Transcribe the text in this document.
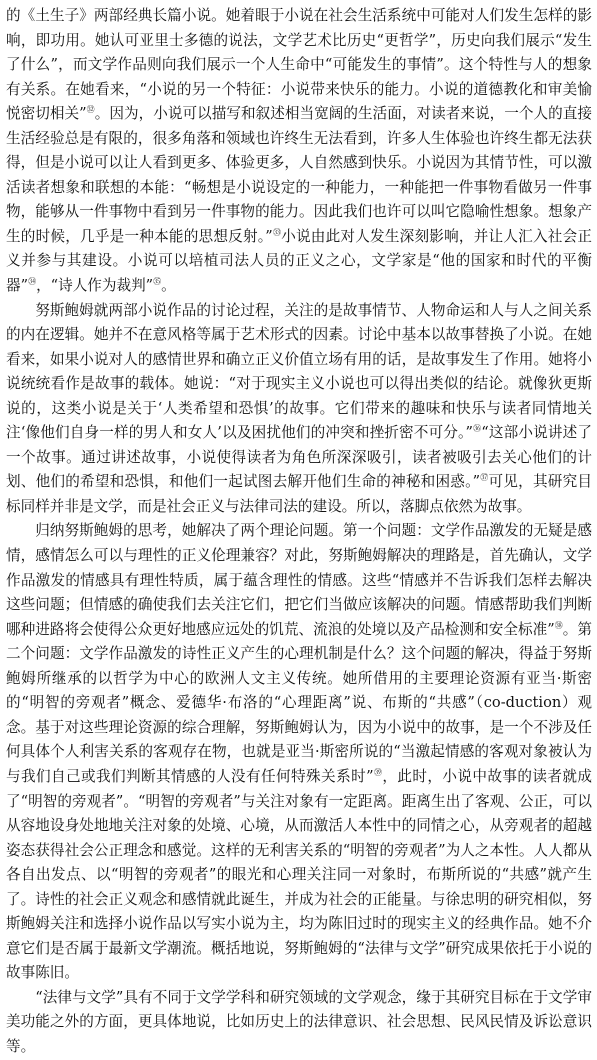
的《土生子》两部经典长篇小说。她着眼于小说在社会生活系统中可能对人们发生怎样的影响，即功用。她认可亚里士多德的说法，文学艺术比历史“更哲学”，历史向我们展示“发生了什么”，而文学作品则向我们展示一个人生命中“可能发生的事情”。这个特性与人的想象有关系。在她看来，“小说的另一个特征：小说带来快乐的能力。小说的道德教化和审美愉悦密切相关”$^㉜$。因为，小说可以描写和叙述相当宽阔的生活面，对读者来说，一个人的直接生活经验总是有限的，很多角落和领域也许终生无法看到，许多人生体验也许终生都无法获得，但是小说可以让人看到更多、体验更多，人自然感到快乐。小说因为其情节性，可以激活读者想象和联想的本能：“畅想是小说设定的一种能力，一种能把一件事物看做另一件事物，能够从一件事物中看到另一件事物的能力。因此我们也许可以叫它隐喻性想象。想象产生的时候，几乎是一种本能的思想反射。”$^㉝$小说由此对人发生深刻影响，并让人汇入社会正义并参与其建设。小说可以培植司法人员的正义之心，文学家是“他的国家和时代的平衡器”$^㉞$，“诗人作为裁判”$^㉟$。

努斯鲍姆就两部小说作品的讨论过程，关注的是故事情节、人物命运和人与人之间关系的内在逻辑。她并不在意风格等属于艺术形式的因素。讨论中基本以故事替换了小说。在她看来，如果小说对人的感情世界和确立正义价值立场有用的话，是故事发生了作用。她将小说统统看作是故事的载体。她说：“对于现实主义小说也可以得出类似的结论。就像狄更斯说的，这类小说是关于‘人类希望和恐惧’的故事。它们带来的趣味和快乐与读者同情地关注‘像他们自身一样的男人和女人’以及困扰他们的冲突和挫折密不可分。”$^㊱$“这部小说讲述了一个故事。通过讲述故事，小说使得读者为角色所深深吸引，读者被吸引去关心他们的计划、他们的希望和恐惧，和他们一起试图去解开他们生命的神秘和困惑。”$^㊲$可见，其研究目标同样并非是文学，而是社会正义与法律司法的建设。所以，落脚点依然为故事。

归纳努斯鲍姆的思考，她解决了两个理论问题。第一个问题：文学作品激发的无疑是感情，感情怎么可以与理性的正义伦理兼容？对此，努斯鲍姆解决的理路是，首先确认，文学作品激发的情感具有理性特质，属于蕴含理性的情感。这些“情感并不告诉我们怎样去解决这些问题；但情感的确使我们去关注它们，把它们当做应该解决的问题。情感帮助我们判断哪种进路将会使得公众更好地感应远处的饥荒、流浪的处境以及产品检测和安全标准”$^㊳$。第二个问题：文学作品激发的诗性正义产生的心理机制是什么？这个问题的解决，得益于努斯鲍姆所继承的以哲学为中心的欧洲人文主义传统。她所借用的主要理论资源有亚当·斯密的“明智的旁观者”概念、爱德华·布洛的“心理距离”说、布斯的“共感”（co-duction）观念。基于对这些理论资源的综合理解，努斯鲍姆认为，因为小说中的故事，是一个不涉及任何具体个人利害关系的客观存在物，也就是亚当·斯密所说的“当激起情感的客观对象被认为与我们自己或我们判断其情感的人没有任何特殊关系时”$^㊴$，此时，小说中故事的读者就成了“明智的旁观者”。“明智的旁观者”与关注对象有一定距离。距离生出了客观、公正，可以从容地设身处地地关注对象的处境、心境，从而激活人本性中的同情之心，从旁观者的超越姿态获得社会公正理念和感觉。这样的无利害关系的“明智的旁观者”为人之本性。人人都从各自出发点、以“明智的旁观者”的眼光和心理关注同一对象时，布斯所说的“共感”就产生了。诗性的社会正义观念和感情就此诞生，并成为社会的正能量。与徐忠明的研究相似，努斯鲍姆关注和选择小说作品以写实小说为主，均为陈旧过时的现实主义的经典作品。她不介意它们是否属于最新文学潮流。概括地说，努斯鲍姆的“法律与文学”研究成果依托于小说的故事陈旧。

“法律与文学”具有不同于文学学科和研究领域的文学观念，缘于其研究目标在于文学审美功能之外的方面，更具体地说，比如历史上的法律意识、社会思想、民风民情及诉讼意识等。
